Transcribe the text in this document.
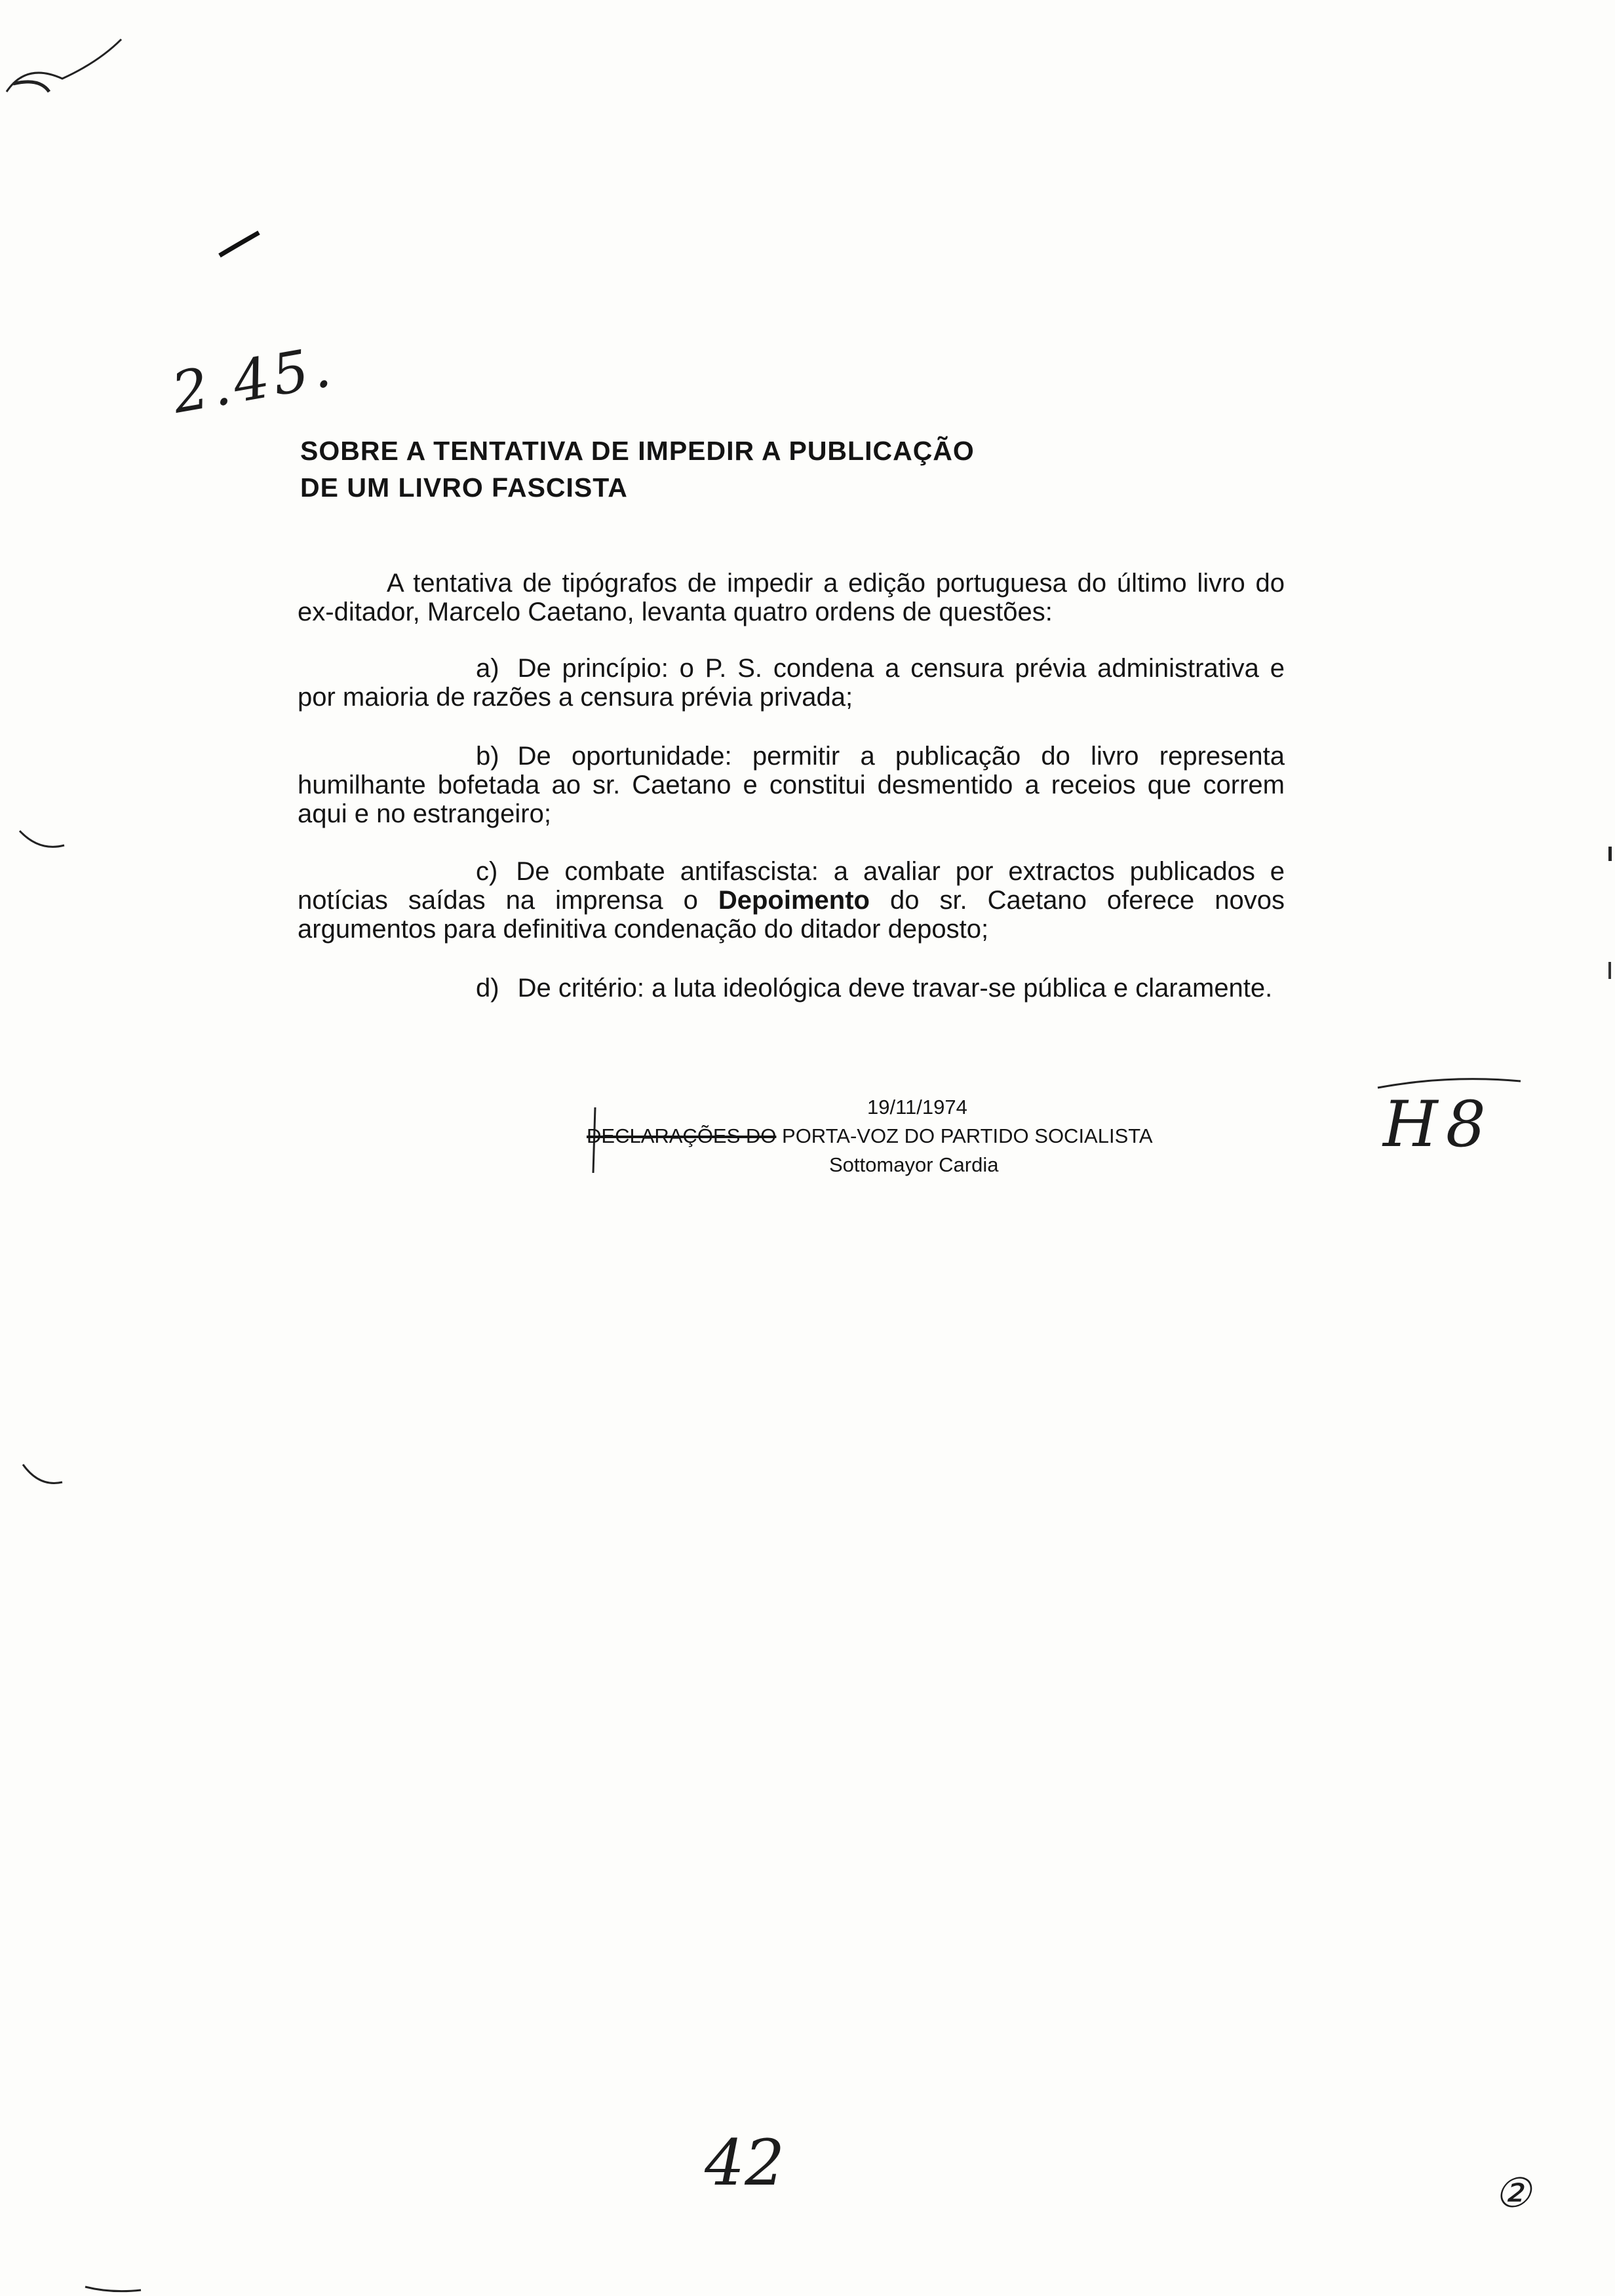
2.45.
SOBRE A TENTATIVA DE IMPEDIR A PUBLICAÇÃO
DE UM LIVRO FASCISTA

A tentativa de tipógrafos de impedir a edição portuguesa do último livro do ex-ditador, Marcelo Caetano, levanta quatro ordens de questões:

a) De princípio: o P. S. condena a censura prévia administrativa e por maioria de razões a censura prévia privada;

b) De oportunidade: permitir a publicação do livro representa humilhante bofetada ao sr. Caetano e constitui desmentido a receios que correm aqui e no estrangeiro;

c) De combate antifascista: a avaliar por extractos publicados e notícias saídas na imprensa o Depoimento do sr. Caetano oferece novos argumentos para definitiva condenação do ditador deposto;

d) De critério: a luta ideológica deve travar-se pública e claramente.

19/11/1974
DECLARAÇÕES DO PORTA-VOZ DO PARTIDO SOCIALISTA
Sottomayor Cardia
H8
42	②
